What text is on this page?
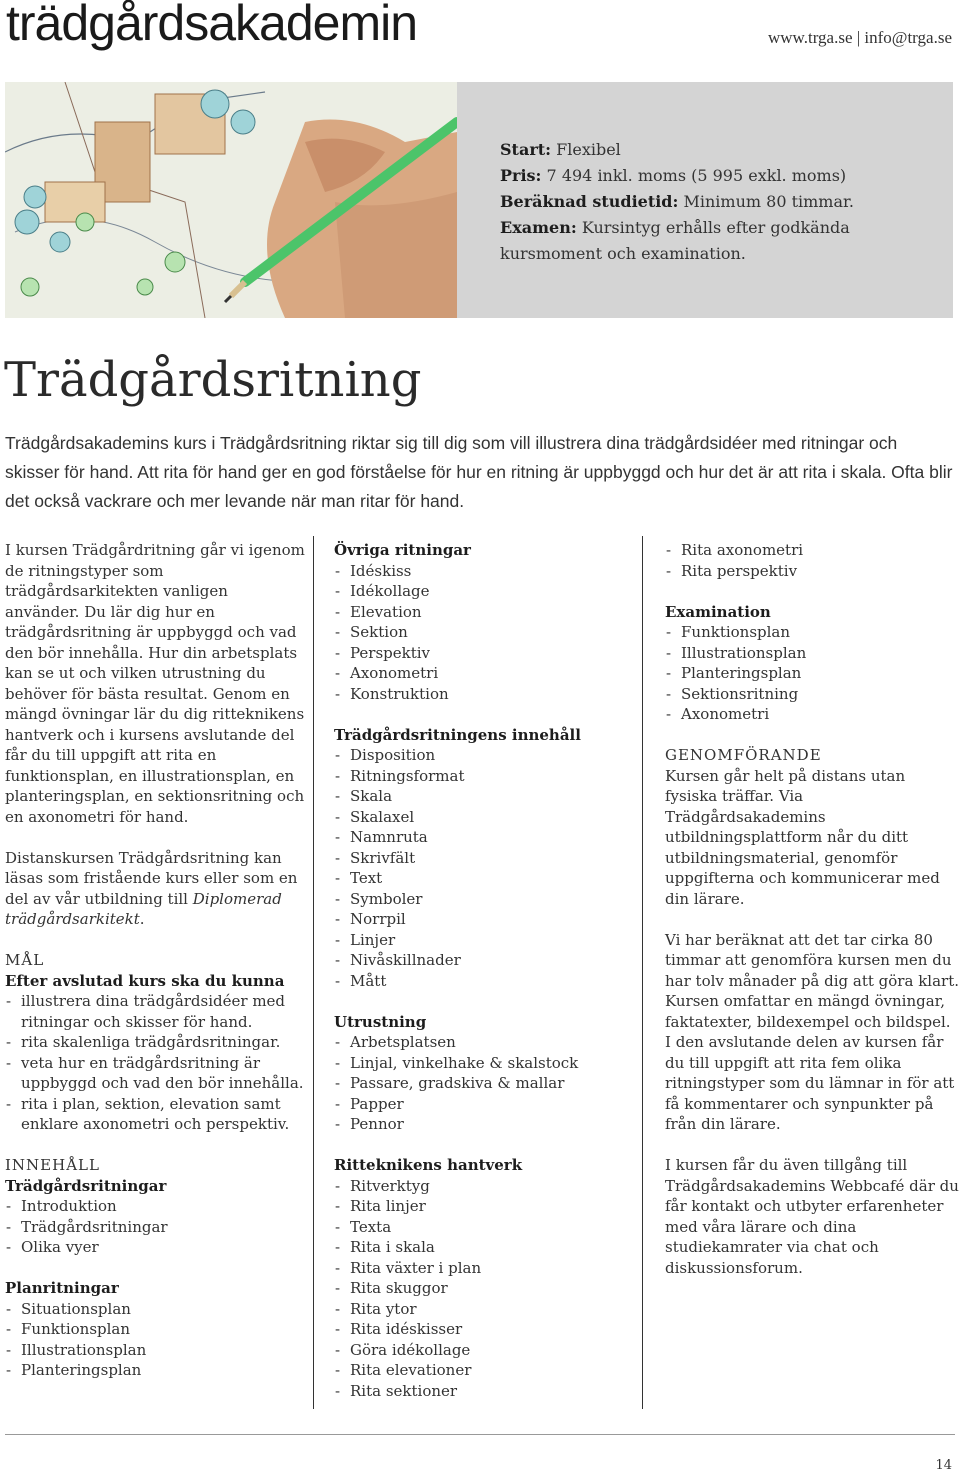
trädgårdsakademin	www.trga.se | info@trga.se
Start: Flexibel
Pris: 7 494 inkl. moms (5 995 exkl. moms)
Beräknad studietid: Minimum 80 timmar.
Examen: Kursintyg erhålls efter godkända kursmoment och examination.
Trädgårdsritning

Trädgårdsakademins kurs i Trädgårdsritning riktar sig till dig som vill illustrera dina trädgårdsidéer med ritningar och skisser för hand. Att rita för hand ger en god förståelse för hur en ritning är uppbyggd och hur det är att rita i skala. Ofta blir det också vackrare och mer levande när man ritar för hand.

I kursen Trädgårdritning går vi igenom de ritningstyper som trädgårdsarkitekten vanligen använder. Du lär dig hur en trädgårdsritning är uppbyggd och vad den bör innehålla. Hur din arbetsplats kan se ut och vilken utrustning du behöver för bästa resultat. Genom en mängd övningar lär du dig ritteknikens hantverk och i kursens avslutande del får du till uppgift att rita en funktionsplan, en illustrationsplan, en planteringsplan, en sektionsritning och en axonometri för hand.

Distanskursen Trädgårdsritning kan läsas som fristående kurs eller som en del av vår utbildning till Diplomerad trädgårdsarkitekt.

MÅL
Efter avslutad kurs ska du kunna
- illustrera dina trädgårdsidéer med ritningar och skisser för hand.
- rita skalenliga trädgårdsritningar.
- veta hur en trädgårdsritning är uppbyggd och vad den bör innehålla.
- rita i plan, sektion, elevation samt enklare axonometri och perspektiv.
INNEHÅLL
Trädgårdsritningar
- Introduktion
- Trädgårdsritningar
- Olika vyer
Planritningar
- Situationsplan
- Funktionsplan
- Illustrationsplan
- Planteringsplan
Övriga ritningar
- Idéskiss
- Idékollage
- Elevation
- Sektion
- Perspektiv
- Axonometri
- Konstruktion
Trädgårdsritningens innehåll
- Disposition
- Ritningsformat
- Skala
- Skalaxel
- Namnruta
- Skrivfält
- Text
- Symboler
- Norrpil
- Linjer
- Nivåskillnader
- Mått
Utrustning
- Arbetsplatsen
- Linjal, vinkelhake & skalstock
- Passare, gradskiva & mallar
- Papper
- Pennor
Ritteknikens hantverk
- Ritverktyg
- Rita linjer
- Texta
- Rita i skala
- Rita växter i plan
- Rita skuggor
- Rita ytor
- Rita idéskisser
- Göra idékollage
- Rita elevationer
- Rita sektioner
- Rita axonometri
- Rita perspektiv
Examination
- Funktionsplan
- Illustrationsplan
- Planteringsplan
- Sektionsritning
- Axonometri
GENOMFÖRANDE

Kursen går helt på distans utan fysiska träffar. Via Trädgårdsakademins utbildningsplattform når du ditt utbildningsmaterial, genomför uppgifterna och kommunicerar med din lärare.

Vi har beräknat att det tar cirka 80 timmar att genomföra kursen men du har tolv månader på dig att göra klart. Kursen omfattar en mängd övningar, faktatexter, bildexempel och bildspel. I den avslutande delen av kursen får du till uppgift att rita fem olika ritningstyper som du lämnar in för att få kommentarer och synpunkter på från din lärare.

I kursen får du även tillgång till Trädgårdsakademins Webbcafé där du får kontakt och utbyter erfarenheter med våra lärare och dina studiekamrater via chat och diskussionsforum.

14
